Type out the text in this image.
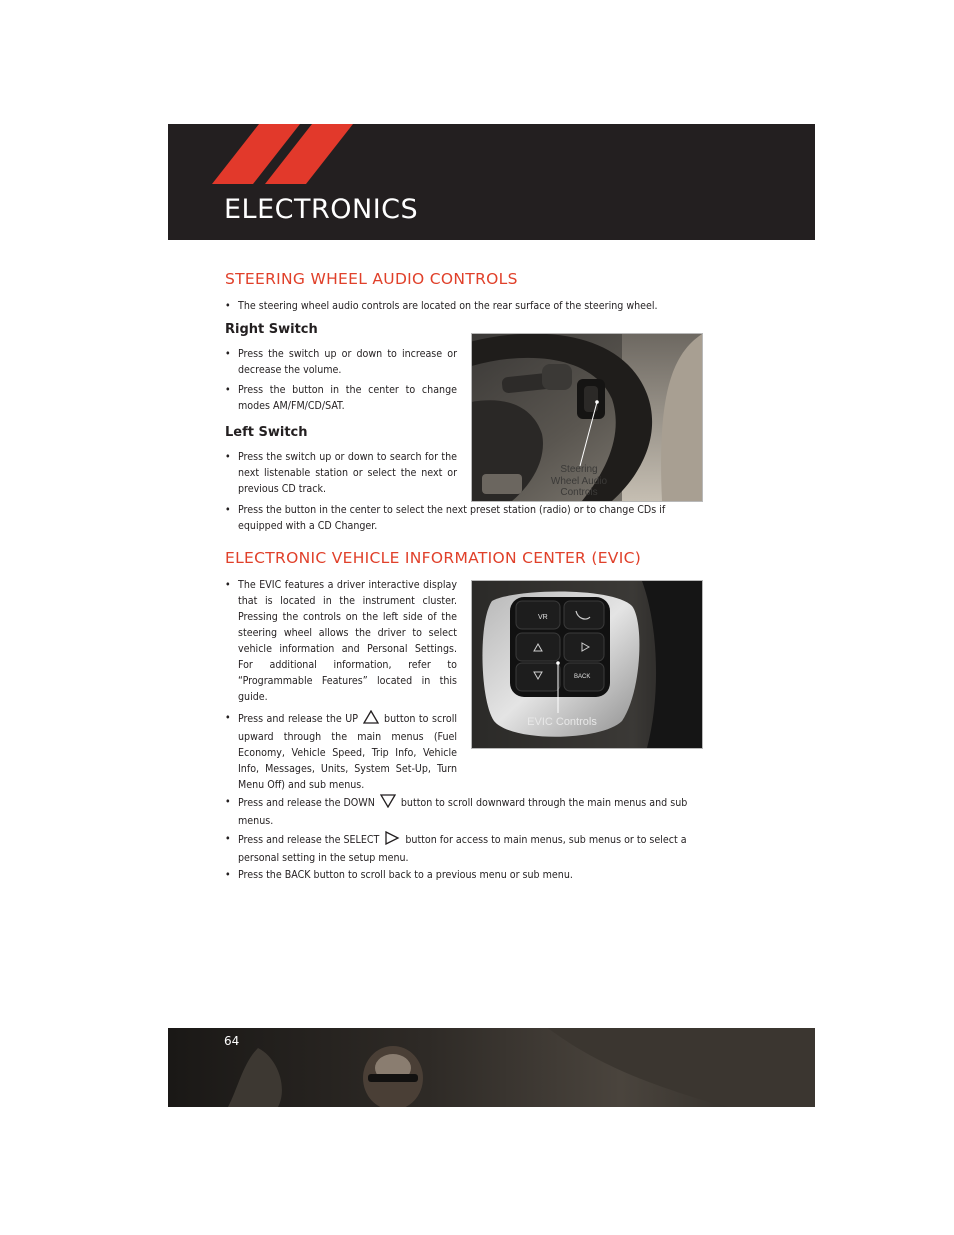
ELECTRONICS
STEERING WHEEL AUDIO CONTROLS
• The steering wheel audio controls are located on the rear surface of the steering wheel.
Right Switch
• Press the switch up or down to increase or decrease the volume.
• Press the button in the center to change modes AM/FM/CD/SAT.
Left Switch
• Press the switch up or down to search for the next listenable station or select the next or previous CD track.
• Press the button in the center to select the next preset station (radio) or to change CDs if equipped with a CD Changer.
Steering
Wheel Audio
Controls
ELECTRONIC VEHICLE INFORMATION CENTER (EVIC)
• The EVIC features a driver interactive display that is located in the instrument cluster. Pressing the controls on the left side of the steering wheel allows the driver to select vehicle information and Personal Settings. For additional information, refer to “Programmable Features” located in this guide.
• Press and release the UP button to scroll upward through the main menus (Fuel Economy, Vehicle Speed, Trip Info, Vehicle Info, Messages, Units, System Set-Up, Turn Menu Off) and sub menus.
• Press and release the DOWN button to scroll downward through the main menus and sub menus.
• Press and release the SELECT button for access to main menus, sub menus or to select a personal setting in the setup menu.
• Press the BACK button to scroll back to a previous menu or sub menu.
VR
BACK
EVIC Controls
64
